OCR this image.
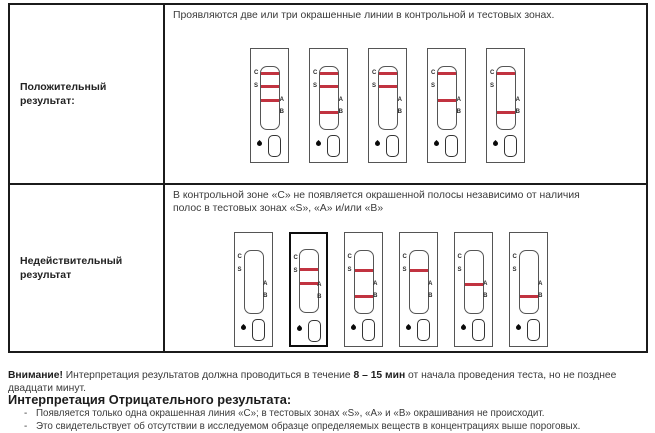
Положительный результат:
Проявляются две или три окрашенные линии в контрольной и тестовых зонах.
C
S
A
B
C
S
A
B
C
S
A
B
C
S
A
B
C
S
A
B
Недействительный результат
В контрольной зоне «С» не появляется окрашенной полосы независимо от наличия
полос в тестовых зонах «S», «А» и/или «В»
C
S
A
B
C
S
A
B
C
S
A
B
C
S
A
B
C
S
A
B
C
S
A
B
Внимание! Интерпретация результатов должна проводиться в течение 8 – 15 мин от начала проведения теста, но не позднее двадцати минут.
Интерпретация Отрицательного результата:
- Появляется только одна окрашенная линия «С»; в тестовых зонах «S», «А» и «В» окрашивания не происходит.
- Это свидетельствует об отсутствии в исследуемом образце определяемых веществ в концентрациях выше пороговых.
